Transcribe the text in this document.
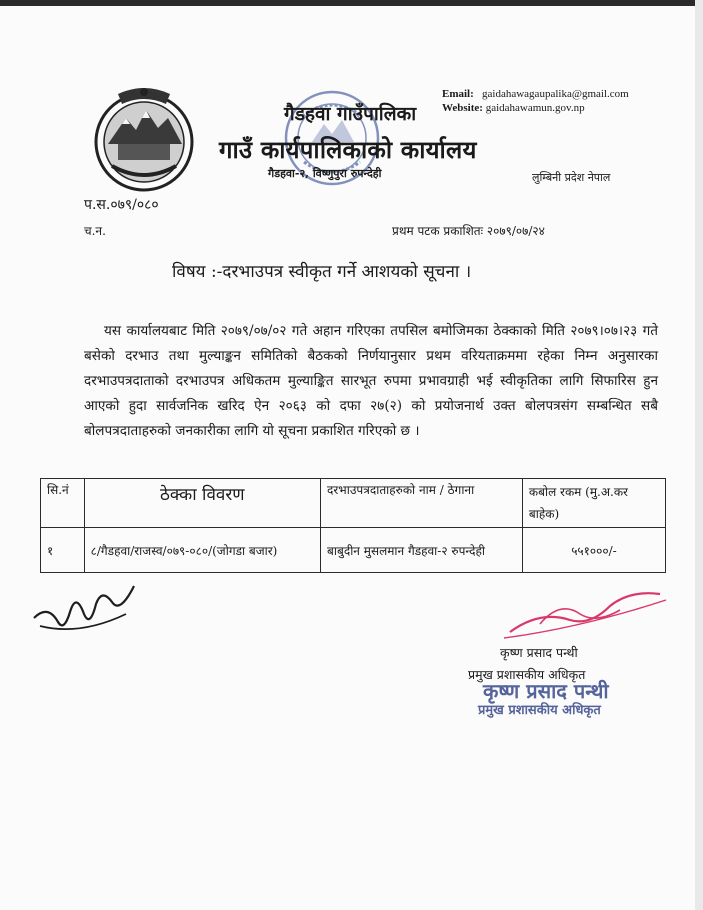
Email: gaidahawagaupalika@gmail.com
Website: gaidahawamun.gov.np
गैडहवा गाउँपालिका
गाउँ कार्यपालिकाको कार्यालय
गैडहवा-२, विष्णुपुरा रुपन्देही	लुम्बिनी प्रदेश नेपाल
प.स.०७९/०८०
च.न.	प्रथम पटक प्रकाशितः २०७९/०७/२४
विषय :-दरभाउपत्र स्वीकृत गर्ने आशयको सूचना ।

यस कार्यालयबाट मिति २०७९/०७/०२ गते अहान गरिएका तपसिल बमोजिमका ठेक्काको मिति २०७९।०७।२३ गते बसेको दरभाउ तथा मुल्याङ्कन समितिको बैठकको निर्णयानुसार प्रथम वरियताक्रममा रहेका निम्न अनुसारका दरभाउपत्रदाताको दरभाउपत्र अधिकतम मुल्याङ्कित सारभूत रुपमा प्रभावग्राही भई स्वीकृतिका लागि सिफारिस हुन आएको हुदा सार्वजनिक खरिद ऐन २०६३ को दफा २७(२) को प्रयोजनार्थ उक्त बोलपत्रसंग सम्बन्धित सबै बोलपत्रदाताहरुको जनकारीका लागि यो सूचना प्रकाशित गरिएको छ ।

सि.नं	ठेक्का विवरण	दरभाउपत्रदाताहरुको नाम / ठेगाना	कबोल रकम (मु.अ.कर बाहेक)
१	८/गैडहवा/राजस्व/०७९-०८०/(जोगडा बजार)	बाबुदीन मुसलमान गैडहवा-२ रुपन्देही	५५१०००/-
कृष्ण प्रसाद पन्थी
प्रमुख प्रशासकीय अधिकृत
कृष्ण प्रसाद पन्थी
प्रमुख प्रशासकीय अधिकृत
